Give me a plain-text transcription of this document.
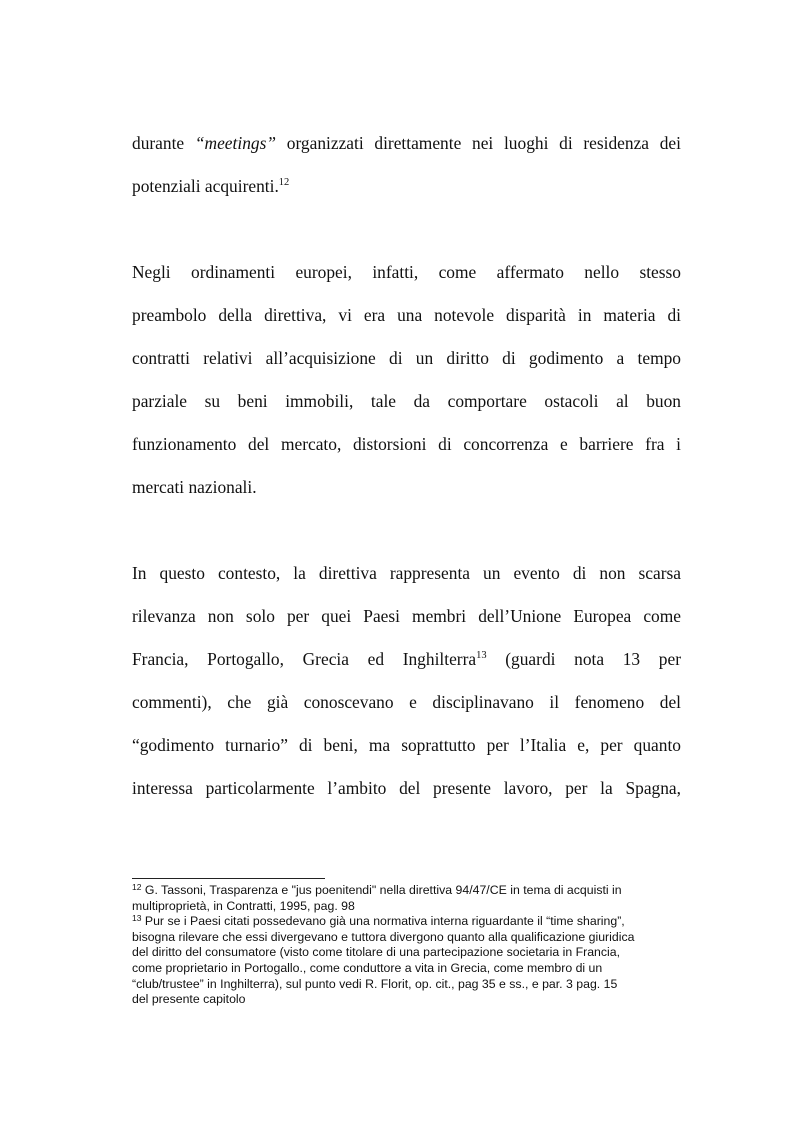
durante “meetings” organizzati direttamente nei luoghi di residenza dei
potenziali acquirenti.$^{12}$
Negli ordinamenti europei, infatti, come affermato nello stesso
preambolo della direttiva, vi era una notevole disparità in materia di
contratti relativi all’acquisizione di un diritto di godimento a tempo
parziale su beni immobili, tale da comportare ostacoli al buon
funzionamento del mercato, distorsioni di concorrenza e barriere fra i
mercati nazionali.
In questo contesto, la direttiva rappresenta un evento di non scarsa
rilevanza non solo per quei Paesi membri dell’Unione Europea come
Francia, Portogallo, Grecia ed Inghilterra$^{13}$ (guardi nota 13 per
commenti), che già conoscevano e disciplinavano il fenomeno del
“godimento turnario” di beni, ma soprattutto per l’Italia e, per quanto
interessa particolarmente l’ambito del presente lavoro, per la Spagna,
$^{12}$ G. Tassoni, Trasparenza e "jus poenitendi" nella direttiva 94/47/CE in tema di acquisti in
multiproprietà, in Contratti, 1995, pag. 98
$^{13}$ Pur se i Paesi citati possedevano già una normativa interna riguardante il “time sharing”,
bisogna rilevare che essi divergevano e tuttora divergono quanto alla qualificazione giuridica
del diritto del consumatore (visto come titolare di una partecipazione societaria in Francia,
come proprietario in Portogallo., come conduttore a vita in Grecia, come membro di un
“club/trustee” in Inghilterra), sul punto vedi R. Florit, op. cit., pag 35 e ss., e par. 3 pag. 15
del presente capitolo
